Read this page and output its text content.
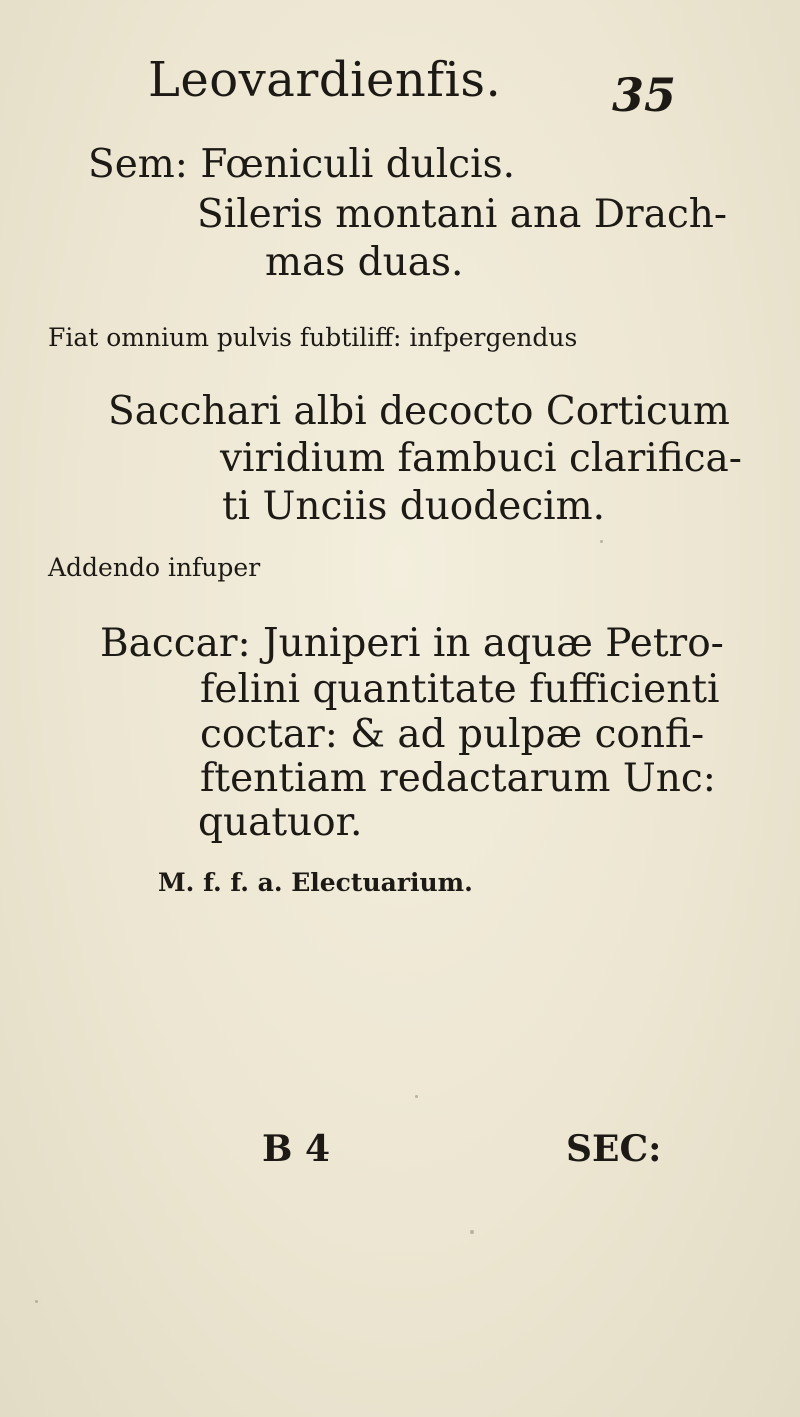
Leovardienfis. 35

Sem: Fœniculi dulcis.

Sileris montani ana Drach-

mas duas.

Fiat omnium pulvis fubtiliff: infpergendus

Sacchari albi decocto Corticum

viridium fambuci clarifica-

ti Unciis duodecim.

Addendo infuper

Baccar: Juniperi in aquæ Petro-

felini quantitate fufficienti

coctar: & ad pulpæ confi-

ftentiam redactarum Unc:

quatuor.

M. f. f. a. Electuarium.

B 4	SEC:
